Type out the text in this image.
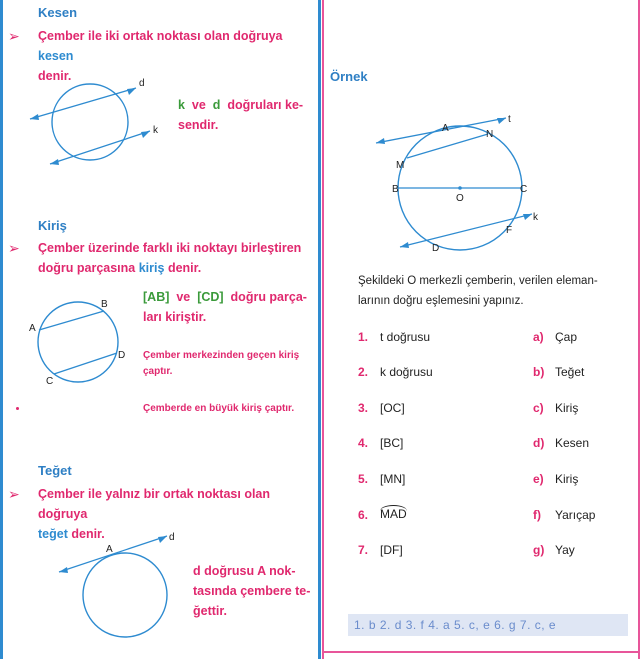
Kesen
➢ Çember ile iki ortak noktası olan doğruya kesen
denir.
d
k
k ve d doğruları ke-
sendir.
Kiriş
➢ Çember üzerinde farklı iki noktayı birleştiren
doğru parçasına kiriş denir.
A
B
C
D
[AB] ve [CD] doğru parça-
ları kiriştir.
Çember merkezinden geçen kiriş
çaptır.
Çemberde en büyük kiriş çaptır.
Teğet
➢ Çember ile yalnız bir ortak noktası olan doğruya
teğet denir.
A
d
d doğrusu A nok-
tasında çembere te-
ğettir.
Örnek
A
t
N
M
B
O
C
k
F
D
Şekildeki O merkezli çemberin, verilen eleman-
larının doğru eşlemesini yapınız.
1. t doğrusu	a) Çap
2. k doğrusu	b) Teğet
3. [OC]	c) Kiriş
4. [BC]	d) Kesen
5. [MN]	e) Kiriş
6. MAD	f) Yarıçap
7. [DF]	g) Yay
1. b 2. d 3. f 4. a 5. c, e 6. g 7. c, e
